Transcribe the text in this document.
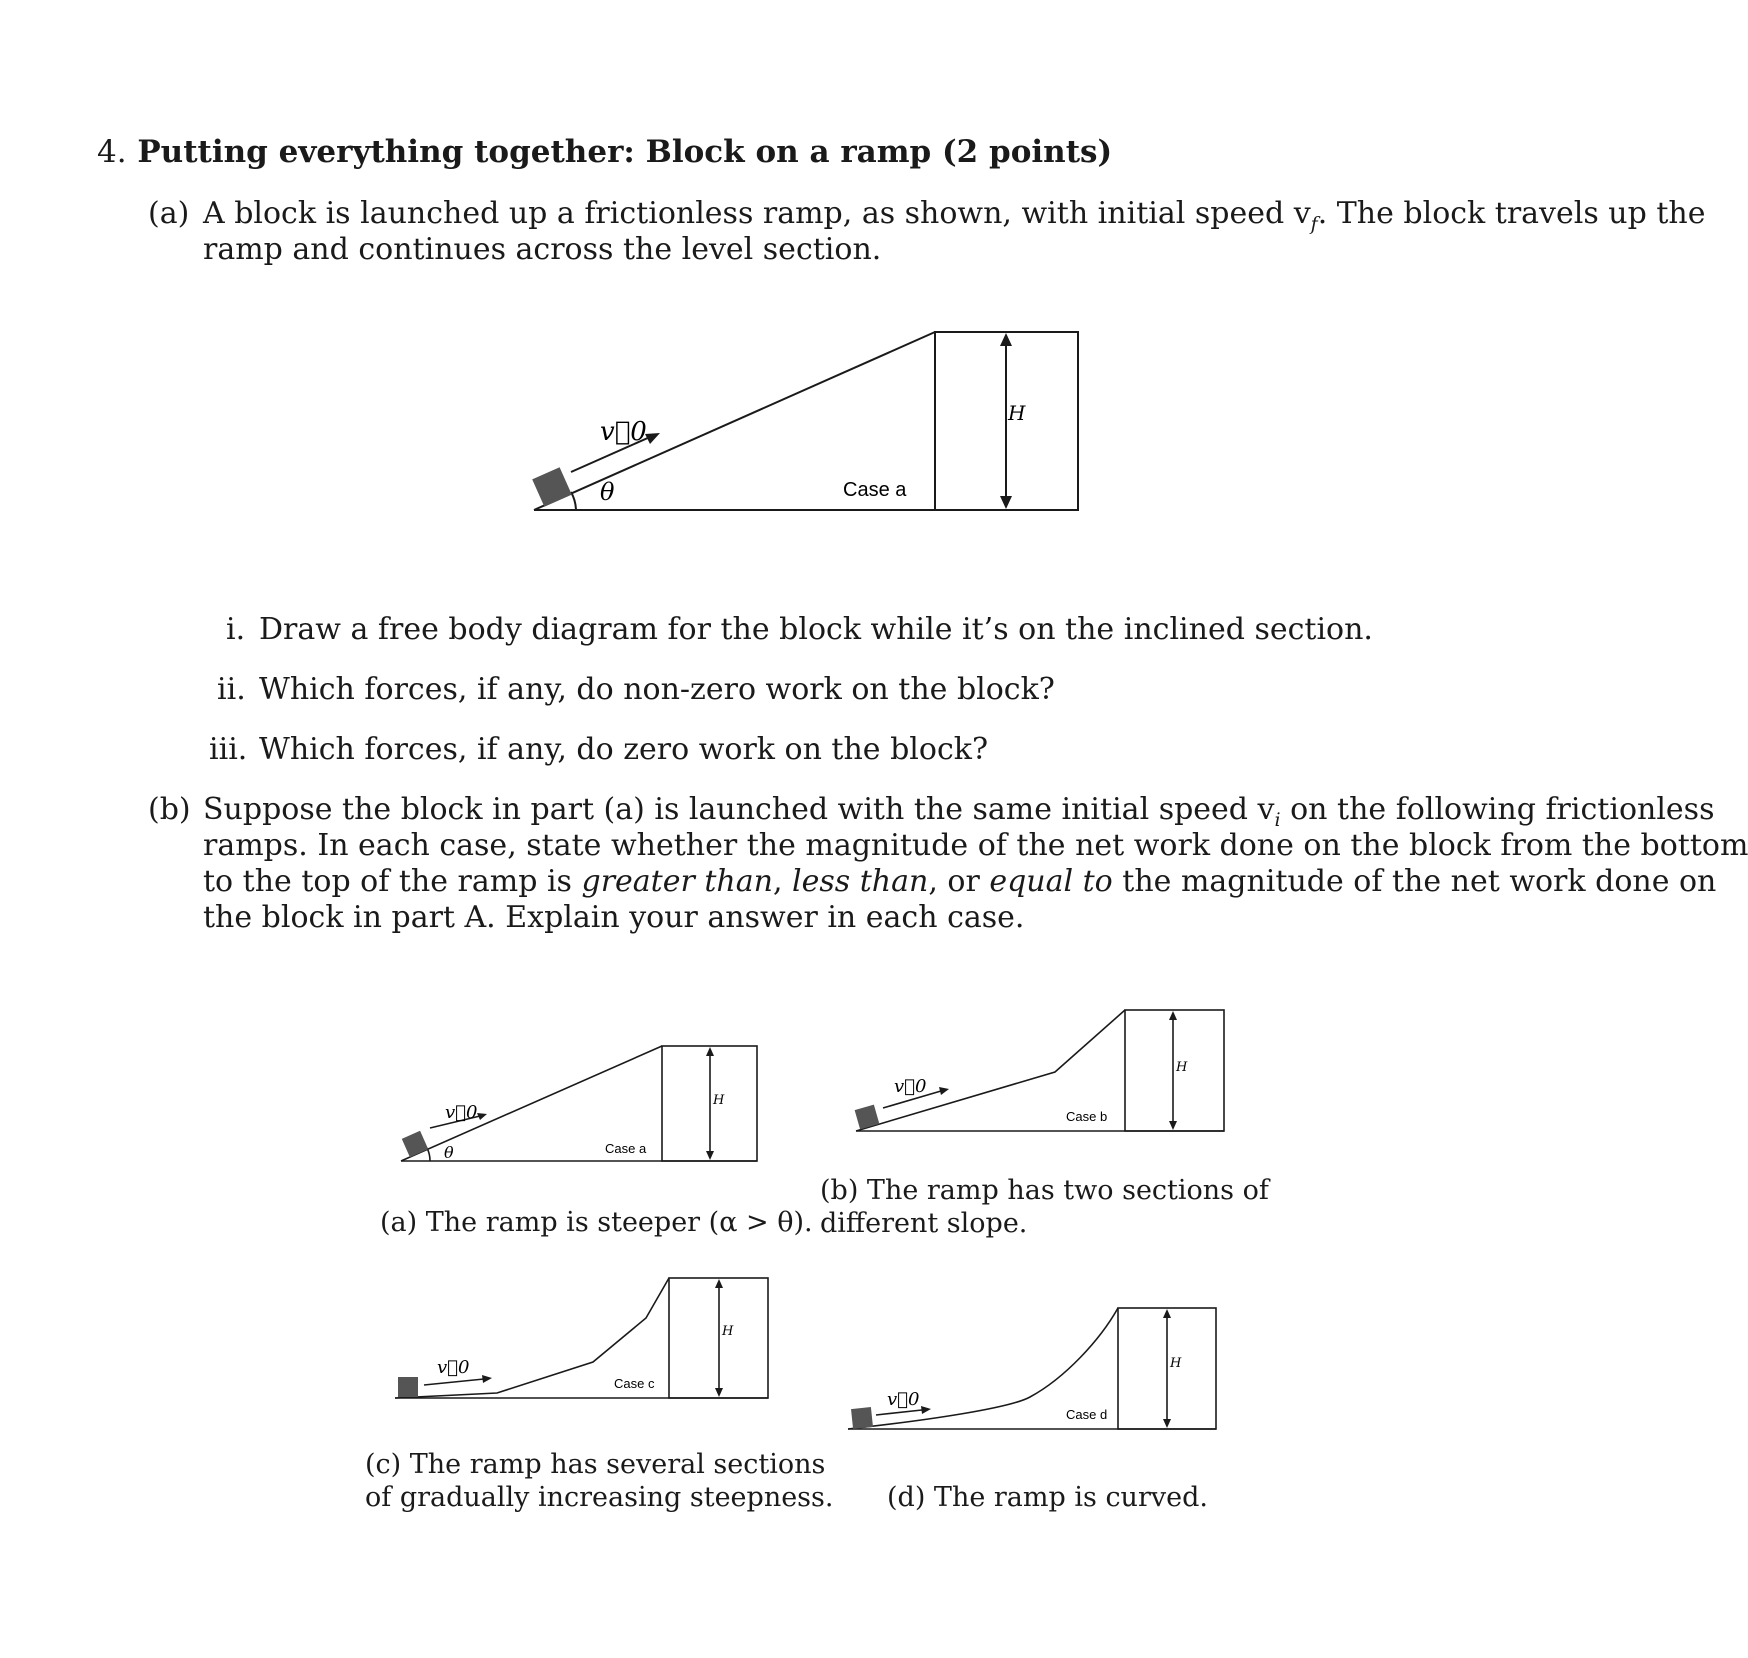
4. Putting everything together: Block on a ramp (2 points)
(a) A block is launched up a frictionless ramp, as shown, with initial speed $v_f$. The block travels up the
ramp and continues across the level section.
v⃗0
θ	Case a
H
i. Draw a free body diagram for the block while it’s on the inclined section.
ii. Which forces, if any, do non-zero work on the block?
iii. Which forces, if any, do zero work on the block?
(b) Suppose the block in part (a) is launched with the same initial speed $v_i$ on the following frictionless
ramps. In each case, state whether the magnitude of the net work done on the block from the bottom
to the top of the ramp is greater than, less than, or equal to the magnitude of the net work done on
the block in part A. Explain your answer in each case.
v⃗0
θ	Case a
H
v⃗0
Case b
H
v⃗0
Case c
H
v⃗0
Case d
H
(a) The ramp is steeper (α > θ).
(b) The ramp has two sections of
different slope.
(c) The ramp has several sections
of gradually increasing steepness. (d) The ramp is curved.
